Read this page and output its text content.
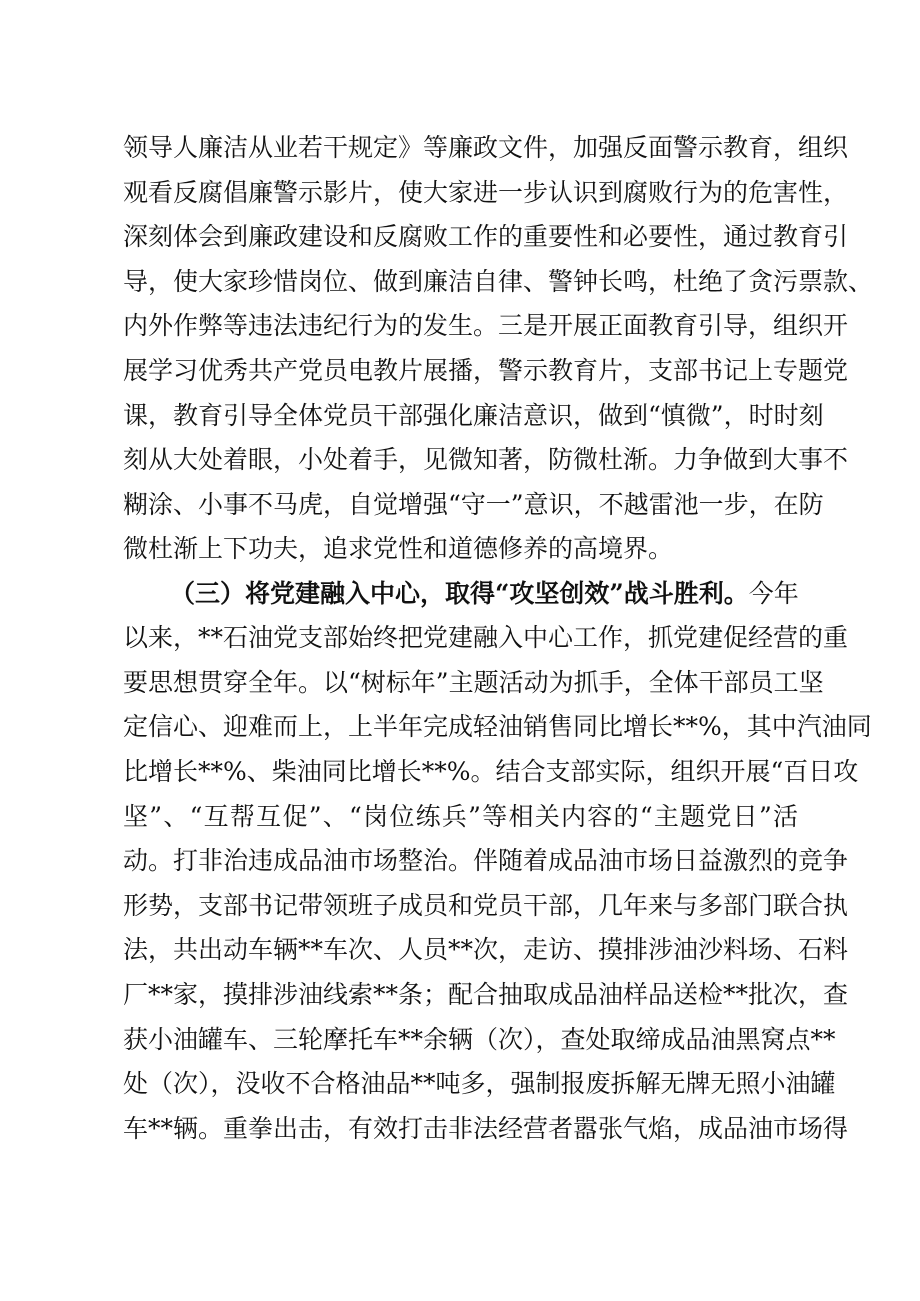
领导人廉洁从业若干规定》等廉政文件，加强反面警示教育，组织

观看反腐倡廉警示影片，使大家进一步认识到腐败行为的危害性，

深刻体会到廉政建设和反腐败工作的重要性和必要性，通过教育引

导，使大家珍惜岗位、做到廉洁自律、警钟长鸣，杜绝了贪污票款、

内外作弊等违法违纪行为的发生。三是开展正面教育引导，组织开

展学习优秀共产党员电教片展播，警示教育片，支部书记上专题党

课，教育引导全体党员干部强化廉洁意识，做到“慎微”，时时刻

刻从大处着眼，小处着手，见微知著，防微杜渐。力争做到大事不

糊涂、小事不马虎，自觉增强“守一”意识，不越雷池一步，在防

微杜渐上下功夫，追求党性和道德修养的高境界。

（三）将党建融入中心，取得“攻坚创效”战斗胜利。今年

以来，**石油党支部始终把党建融入中心工作，抓党建促经营的重

要思想贯穿全年。以“树标年”主题活动为抓手，全体干部员工坚

定信心、迎难而上，上半年完成轻油销售同比增长**%，其中汽油同

比增长**%、柴油同比增长**%。结合支部实际，组织开展“百日攻

坚”、“互帮互促”、“岗位练兵”等相关内容的“主题党日”活

动。打非治违成品油市场整治。伴随着成品油市场日益激烈的竞争

形势，支部书记带领班子成员和党员干部，几年来与多部门联合执

法，共出动车辆**车次、人员**次，走访、摸排涉油沙料场、石料

厂**家，摸排涉油线索**条；配合抽取成品油样品送检**批次，查

获小油罐车、三轮摩托车**余辆（次），查处取缔成品油黑窝点**

处（次），没收不合格油品**吨多，强制报废拆解无牌无照小油罐

车**辆。重拳出击，有效打击非法经营者嚣张气焰，成品油市场得
